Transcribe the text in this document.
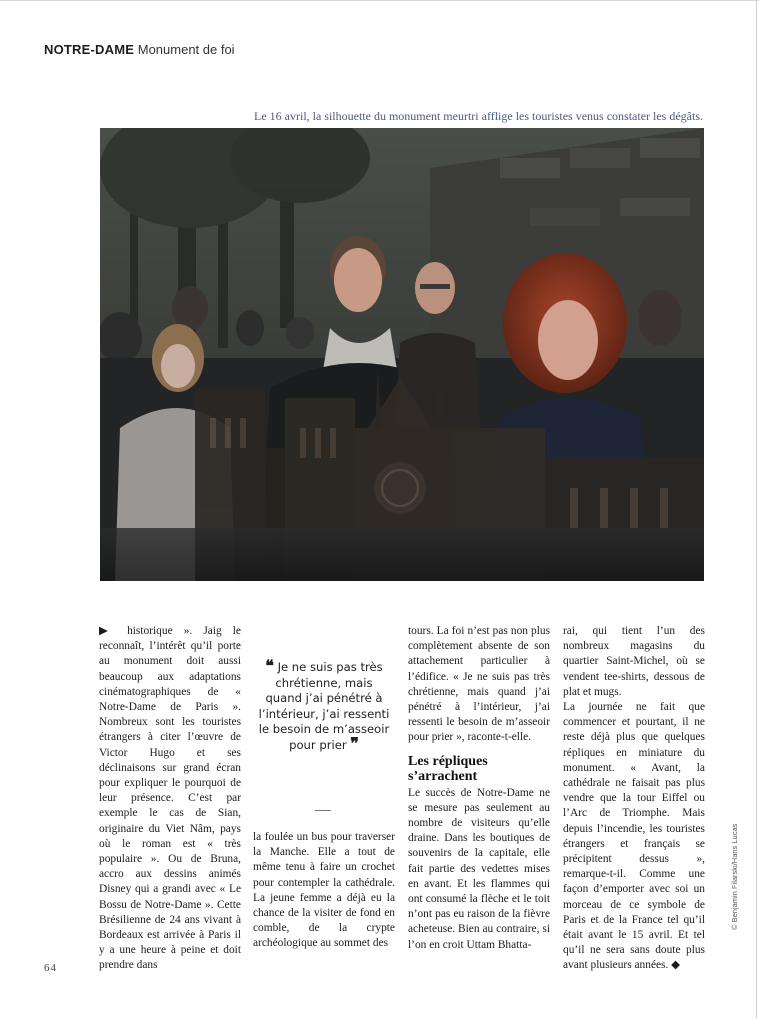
NOTRE-DAME Monument de foi
Le 16 avril, la silhouette du monument meurtri afflige les touristes venus constater les dégâts.

▶ historique ». Jaig le reconnaît, l’intérêt qu’il porte au monument doit aussi beaucoup aux adaptations cinématographiques de « Notre-Dame de Paris ». Nombreux sont les touristes étrangers à citer l’œuvre de Victor Hugo et ses déclinaisons sur grand écran pour expliquer le pourquoi de leur présence. C’est par exemple le cas de Sian, originaire du Viet Nâm, pays où le roman est « très populaire ». Ou de Bruna, accro aux dessins animés Disney qui a grandi avec « Le Bossu de Notre-Dame ». Cette Brésilienne de 24 ans vivant à Bordeaux est arrivée à Paris il y a une heure à peine et doit prendre dans

❝ Je ne suis pas très chrétienne, mais quand j’ai pénétré à l’intérieur, j’ai ressenti le besoin de m’asseoir pour prier ❞

la foulée un bus pour traverser la Manche. Elle a tout de même tenu à faire un crochet pour contempler la cathédrale. La jeune femme a déjà eu la chance de la visiter de fond en comble, de la crypte archéologique au sommet des

tours. La foi n’est pas non plus complètement absente de son attachement particulier à l’édifice. « Je ne suis pas très chrétienne, mais quand j’ai pénétré à l’intérieur, j’ai ressenti le besoin de m’asseoir pour prier », raconte-t-elle.

Les répliques s’arrachent

Le succès de Notre-Dame ne se mesure pas seulement au nombre de visiteurs qu’elle draine. Dans les boutiques de souvenirs de la capitale, elle fait partie des vedettes mises en avant. Et les flammes qui ont consumé la flèche et le toit n’ont pas eu raison de la fièvre acheteuse. Bien au contraire, si l’on en croit Uttam Bhatta-

rai, qui tient l’un des nombreux magasins du quartier Saint-Michel, où se vendent tee-shirts, dessous de plat et mugs.

La journée ne fait que commencer et pourtant, il ne reste déjà plus que quelques répliques en miniature du monument. « Avant, la cathédrale ne faisait pas plus vendre que la tour Eiffel ou l’Arc de Triomphe. Mais depuis l’incendie, les touristes étrangers et français se précipitent dessus », remarque-t-il. Comme une façon d’emporter avec soi un morceau de ce symbole de Paris et de la France tel qu’il était avant le 15 avril. Et tel qu’il ne sera sans doute plus avant plusieurs années. ◆

© Benjamin Filarski/Hans Lucas
64
